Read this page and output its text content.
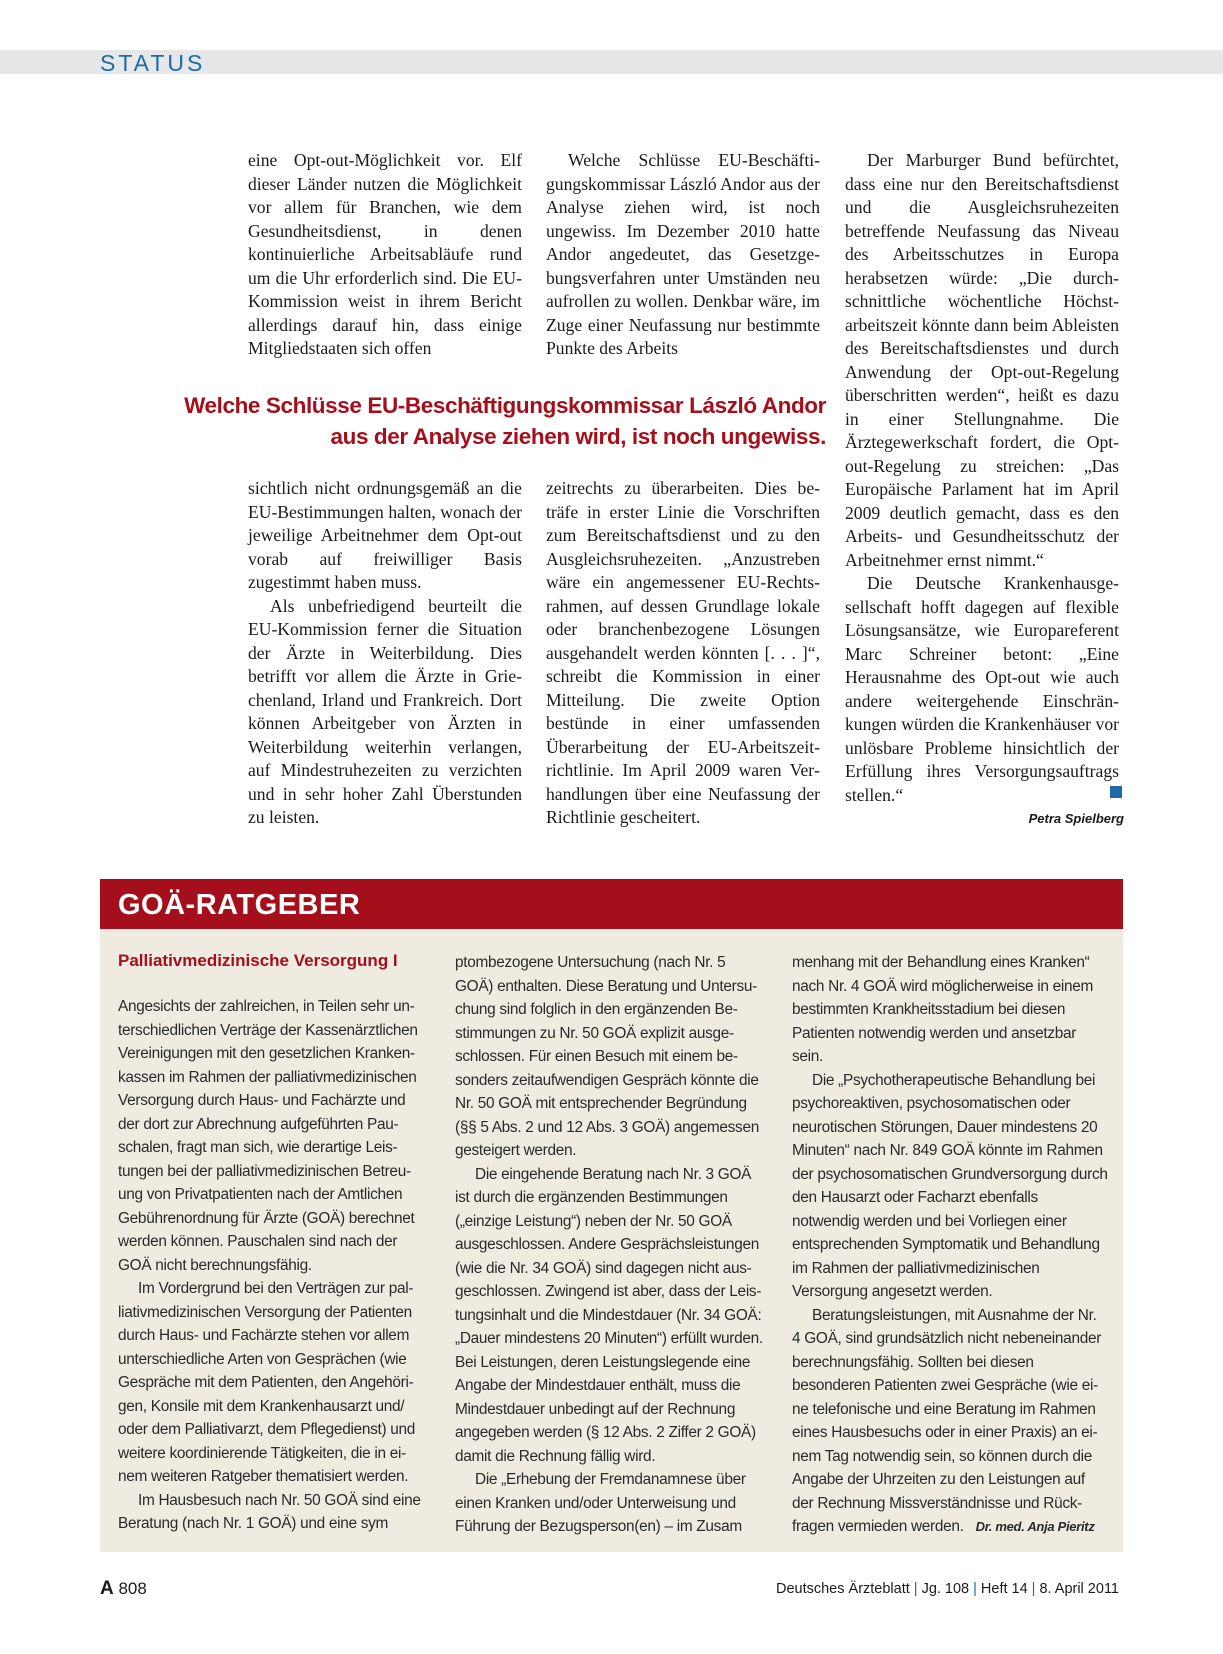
STATUS

eine Opt-out-Möglichkeit vor. Elf dieser Länder nutzen die Möglichkeit vor allem für Branchen, wie dem Gesundheitsdienst, in denen kontinuierliche Arbeitsabläufe rund um die Uhr erforderlich sind. Die EU-Kommission weist in ihrem Bericht allerdings darauf hin, dass einige Mitgliedstaaten sich offen

Welche Schlüsse EU-Beschäftigungskommissar László Andor aus der Analyse ziehen wird, ist noch ungewiss. Im Dezember 2010 hatte Andor angedeutet, das Gesetzgebungsverfahren unter Umständen neu aufrollen zu wollen. Denkbar wäre, im Zuge einer Neufassung nur bestimmte Punkte des Arbeits

Der Marburger Bund befürchtet, dass eine nur den Bereitschaftsdienst und die Ausgleichsruhezeiten betreffende Neufassung das Niveau des Arbeitsschutzes in Europa herabsetzen würde: „Die durchschnittliche wöchentliche Höchstarbeitszeit könnte dann beim Ableisten des Bereitschaftsdienstes und durch Anwendung der Opt-out-Regelung überschritten werden“, heißt es dazu in einer Stellungnahme. Die Ärztegewerkschaft fordert, die Opt-out-Regelung zu streichen: „Das Europäische Parlament hat im April 2009 deutlich gemacht, dass es den Arbeits- und Gesundheitsschutz der Arbeitnehmer ernst nimmt.“

Die Deutsche Krankenhausgesellschaft hofft dagegen auf flexible Lösungsansätze, wie Europareferent Marc Schreiner betont: „Eine Herausnahme des Opt-out wie auch andere weitergehende Einschränkungen würden die Krankenhäuser vor unlösbare Probleme hinsichtlich der Erfüllung ihres Versorgungsauftrags stellen.“

Petra Spielberg
Welche Schlüsse EU-Beschäftigungskommissar László Andor
aus der Analyse ziehen wird, ist noch ungewiss.

sichtlich nicht ordnungsgemäß an die EU-Bestimmungen halten, wonach der jeweilige Arbeitnehmer dem Opt-out vorab auf freiwilliger Basis zugestimmt haben muss.

Als unbefriedigend beurteilt die EU-Kommission ferner die Situation der Ärzte in Weiterbildung. Dies betrifft vor allem die Ärzte in Griechenland, Irland und Frankreich. Dort können Arbeitgeber von Ärzten in Weiterbildung weiterhin verlangen, auf Mindestruhezeiten zu verzichten und in sehr hoher Zahl Überstunden zu leisten.

zeitrechts zu überarbeiten. Dies beträfe in erster Linie die Vorschriften zum Bereitschaftsdienst und zu den Ausgleichsruhezeiten. „Anzustreben wäre ein angemessener EU-Rechtsrahmen, auf dessen Grundlage lokale oder branchenbezogene Lösungen ausgehandelt werden könnten [. . . ]“, schreibt die Kommission in einer Mitteilung. Die zweite Option bestünde in einer umfassenden Überarbeitung der EU-Arbeitszeitrichtlinie. Im April 2009 waren Verhandlungen über eine Neufassung der Richtlinie gescheitert.

GOÄ-RATGEBER
Palliativmedizinische Versorgung I

Angesichts der zahlreichen, in Teilen sehr unterschiedlichen Verträge der Kassenärztlichen Vereinigungen mit den gesetzlichen Krankenkassen im Rahmen der palliativmedizinischen Versorgung durch Haus- und Fachärzte und der dort zur Abrechnung aufgeführten Pauschalen, fragt man sich, wie derartige Leistungen bei der palliativmedizinischen Betreuung von Privatpatienten nach der Amtlichen Gebührenordnung für Ärzte (GOÄ) berechnet werden können. Pauschalen sind nach der GOÄ nicht berechnungsfähig.

Im Vordergrund bei den Verträgen zur palliativmedizinischen Versorgung der Patienten durch Haus- und Fachärzte stehen vor allem unterschiedliche Arten von Gesprächen (wie Gespräche mit dem Patienten, den Angehörigen, Konsile mit dem Krankenhausarzt und/ oder dem Palliativarzt, dem Pflegedienst) und weitere koordinierende Tätigkeiten, die in einem weiteren Ratgeber thematisiert werden.

Im Hausbesuch nach Nr. 50 GOÄ sind eine Beratung (nach Nr. 1 GOÄ) und eine sym

ptombezogene Untersuchung (nach Nr. 5 GOÄ) enthalten. Diese Beratung und Untersuchung sind folglich in den ergänzenden Bestimmungen zu Nr. 50 GOÄ explizit ausgeschlossen. Für einen Besuch mit einem besonders zeitaufwendigen Gespräch könnte die Nr. 50 GOÄ mit entsprechender Begründung (§§ 5 Abs. 2 und 12 Abs. 3 GOÄ) angemessen gesteigert werden.

Die eingehende Beratung nach Nr. 3 GOÄ ist durch die ergänzenden Bestimmungen („einzige Leistung“) neben der Nr. 50 GOÄ ausgeschlossen. Andere Gesprächsleistungen (wie die Nr. 34 GOÄ) sind dagegen nicht ausgeschlossen. Zwingend ist aber, dass der Leistungsinhalt und die Mindestdauer (Nr. 34 GOÄ: „Dauer mindestens 20 Minuten“) erfüllt wurden. Bei Leistungen, deren Leistungslegende eine Angabe der Mindestdauer enthält, muss die Mindestdauer unbedingt auf der Rechnung angegeben werden (§ 12 Abs. 2 Ziffer 2 GOÄ) damit die Rechnung fällig wird.

Die „Erhebung der Fremdanamnese über einen Kranken und/oder Unterweisung und Führung der Bezugsperson(en) – im Zusam

menhang mit der Behandlung eines Kranken“ nach Nr. 4 GOÄ wird möglicherweise in einem bestimmten Krankheitsstadium bei diesen Patienten notwendig werden und ansetzbar sein.

Die „Psychotherapeutische Behandlung bei psychoreaktiven, psychosomatischen oder neurotischen Störungen, Dauer mindestens 20 Minuten“ nach Nr. 849 GOÄ könnte im Rahmen der psychosomatischen Grundversorgung durch den Hausarzt oder Facharzt ebenfalls notwendig werden und bei Vorliegen einer entsprechenden Symptomatik und Behandlung im Rahmen der palliativmedizinischen Versorgung angesetzt werden.

Beratungsleistungen, mit Ausnahme der Nr. 4 GOÄ, sind grundsätzlich nicht nebeneinander berechnungsfähig. Sollten bei diesen besonderen Patienten zwei Gespräche (wie eine telefonische und eine Beratung im Rahmen eines Hausbesuchs oder in einer Praxis) an einem Tag notwendig sein, so können durch die Angabe der Uhrzeiten zu den Leistungen auf der Rechnung Missverständnisse und Rückfragen vermieden werden. Dr. med. Anja Pieritz

A 808	Deutsches Ärzteblatt | Jg. 108 | Heft 14 | 8. April 2011
